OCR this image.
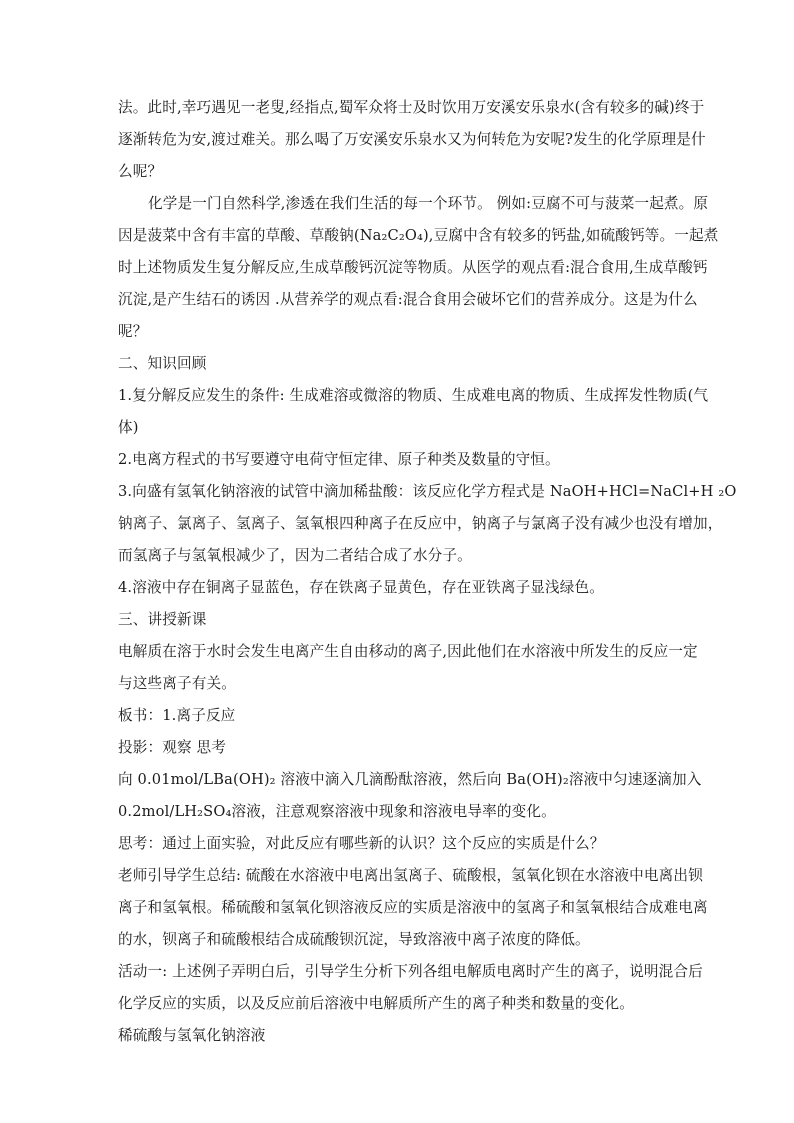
法。此时,幸巧遇见一老叟,经指点,蜀军众将士及时饮用万安溪安乐泉水(含有较多的碱)终于
逐渐转危为安,渡过难关。那么喝了万安溪安乐泉水又为何转危为安呢?发生的化学原理是什
么呢？
化学是一门自然科学,渗透在我们生活的每一个环节。 例如:豆腐不可与菠菜一起煮。原
因是菠菜中含有丰富的草酸、草酸钠(Na₂C₂O₄),豆腐中含有较多的钙盐,如硫酸钙等。一起煮
时上述物质发生复分解反应,生成草酸钙沉淀等物质。从医学的观点看:混合食用,生成草酸钙
沉淀,是产生结石的诱因 .从营养学的观点看:混合食用会破坏它们的营养成分。这是为什么
呢？
二、知识回顾
1.复分解反应发生的条件: 生成难溶或微溶的物质、生成难电离的物质、生成挥发性物质(气
体)
2.电离方程式的书写要遵守电荷守恒定律、原子种类及数量的守恒。
3.向盛有氢氧化钠溶液的试管中滴加稀盐酸：该反应化学方程式是 NaOH+HCl=NaCl+H ₂O
钠离子、氯离子、氢离子、氢氧根四种离子在反应中，钠离子与氯离子没有减少也没有增加，
而氢离子与氢氧根减少了，因为二者结合成了水分子。
4.溶液中存在铜离子显蓝色，存在铁离子显黄色，存在亚铁离子显浅绿色。
三、讲授新课
电解质在溶于水时会发生电离产生自由移动的离子,因此他们在水溶液中所发生的反应一定
与这些离子有关。
板书：1.离子反应
投影：观察 思考
向 0.01mol/LBa(OH)₂ 溶液中滴入几滴酚酞溶液，然后向 Ba(OH)₂溶液中匀速逐滴加入
0.2mol/LH₂SO₄溶液，注意观察溶液中现象和溶液电导率的变化。
思考：通过上面实验，对此反应有哪些新的认识？这个反应的实质是什么？
老师引导学生总结: 硫酸在水溶液中电离出氢离子、硫酸根，氢氧化钡在水溶液中电离出钡
离子和氢氧根。稀硫酸和氢氧化钡溶液反应的实质是溶液中的氢离子和氢氧根结合成难电离
的水，钡离子和硫酸根结合成硫酸钡沉淀，导致溶液中离子浓度的降低。
活动一: 上述例子弄明白后，引导学生分析下列各组电解质电离时产生的离子，说明混合后
化学反应的实质，以及反应前后溶液中电解质所产生的离子种类和数量的变化。
稀硫酸与氢氧化钠溶液
